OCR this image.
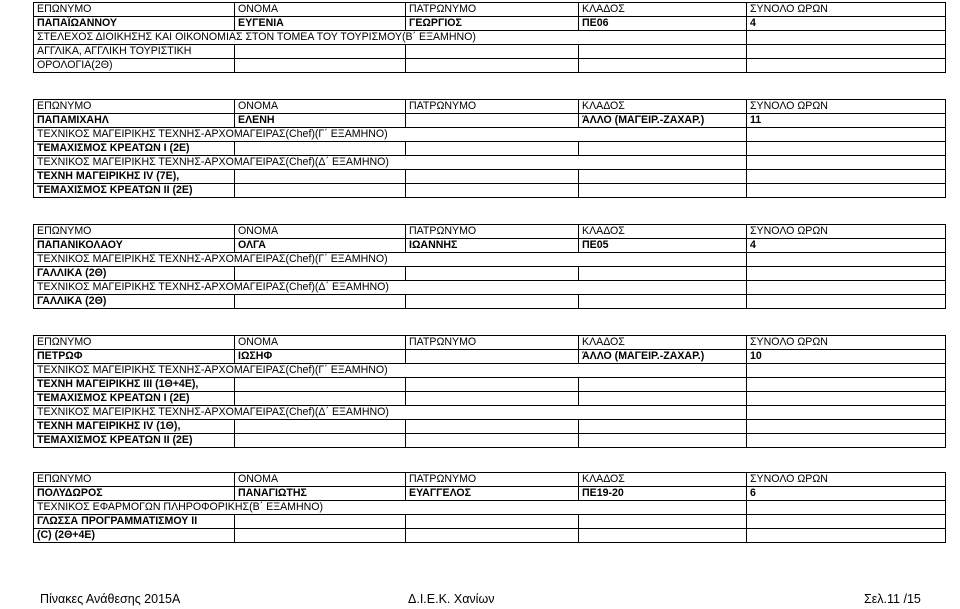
ΕΠΩΝΥΜΟ	ΟΝΟΜΑ	ΠΑΤΡΩΝΥΜΟ	ΚΛΑΔΟΣ	ΣΥΝΟΛΟ ΩΡΩΝ
ΠΑΠΑΪΩΑΝΝΟΥ	ΕΥΓΕΝΙΑ	ΓΕΩΡΓΙΟΣ	ΠΕ06	4
ΣΤΕΛΕΧΟΣ ΔΙΟΙΚΗΣΗΣ ΚΑΙ ΟΙΚΟΝΟΜΙΑΣ ΣΤΟΝ ΤΟΜΕΑ ΤΟΥ ΤΟΥΡΙΣΜΟΥ(Β΄ ΕΞΑΜΗΝΟ)				
ΑΓΓΛΙΚΑ, ΑΓΓΛΙΚΗ ΤΟΥΡΙΣΤΙΚΗ				
ΟΡΟΛΟΓΙΑ(2Θ)				
ΕΠΩΝΥΜΟ	ΟΝΟΜΑ	ΠΑΤΡΩΝΥΜΟ	ΚΛΑΔΟΣ	ΣΥΝΟΛΟ ΩΡΩΝ
ΠΑΠΑΜΙΧΑΗΛ	ΕΛΕΝΗ		ΆΛΛΟ (ΜΑΓΕΙΡ.-ΖΑΧΑΡ.)	11
ΤΕΧΝΙΚΟΣ ΜΑΓΕΙΡΙΚΗΣ ΤΕΧΝΗΣ-ΑΡΧΟΜΑΓΕΙΡΑΣ(Chef)(Γ΄ ΕΞΑΜΗΝΟ)				
ΤΕΜΑΧΙΣΜΟΣ ΚΡΕΑΤΩΝ Ι (2Ε)				
ΤΕΧΝΙΚΟΣ ΜΑΓΕΙΡΙΚΗΣ ΤΕΧΝΗΣ-ΑΡΧΟΜΑΓΕΙΡΑΣ(Chef)(Δ΄ ΕΞΑΜΗΝΟ)				
ΤΕΧΝΗ ΜΑΓΕΙΡΙΚΗΣ IV (7Ε),				
ΤΕΜΑΧΙΣΜΟΣ ΚΡΕΑΤΩΝ ΙΙ (2Ε)				
ΕΠΩΝΥΜΟ	ΟΝΟΜΑ	ΠΑΤΡΩΝΥΜΟ	ΚΛΑΔΟΣ	ΣΥΝΟΛΟ ΩΡΩΝ
ΠΑΠΑΝΙΚΟΛΑΟΥ	ΟΛΓΑ	ΙΩΑΝΝΗΣ	ΠΕ05	4
ΤΕΧΝΙΚΟΣ ΜΑΓΕΙΡΙΚΗΣ ΤΕΧΝΗΣ-ΑΡΧΟΜΑΓΕΙΡΑΣ(Chef)(Γ΄ ΕΞΑΜΗΝΟ)				
ΓΑΛΛΙΚΑ (2Θ)				
ΤΕΧΝΙΚΟΣ ΜΑΓΕΙΡΙΚΗΣ ΤΕΧΝΗΣ-ΑΡΧΟΜΑΓΕΙΡΑΣ(Chef)(Δ΄ ΕΞΑΜΗΝΟ)				
ΓΑΛΛΙΚΑ (2Θ)				
ΕΠΩΝΥΜΟ	ΟΝΟΜΑ	ΠΑΤΡΩΝΥΜΟ	ΚΛΑΔΟΣ	ΣΥΝΟΛΟ ΩΡΩΝ
ΠΕΤΡΩΦ	ΙΩΣΗΦ		ΆΛΛΟ (ΜΑΓΕΙΡ.-ΖΑΧΑΡ.)	10
ΤΕΧΝΙΚΟΣ ΜΑΓΕΙΡΙΚΗΣ ΤΕΧΝΗΣ-ΑΡΧΟΜΑΓΕΙΡΑΣ(Chef)(Γ΄ ΕΞΑΜΗΝΟ)				
ΤΕΧΝΗ ΜΑΓΕΙΡΙΚΗΣ ΙΙΙ (1Θ+4Ε),				
ΤΕΜΑΧΙΣΜΟΣ ΚΡΕΑΤΩΝ Ι (2Ε)				
ΤΕΧΝΙΚΟΣ ΜΑΓΕΙΡΙΚΗΣ ΤΕΧΝΗΣ-ΑΡΧΟΜΑΓΕΙΡΑΣ(Chef)(Δ΄ ΕΞΑΜΗΝΟ)				
ΤΕΧΝΗ ΜΑΓΕΙΡΙΚΗΣ IV (1Θ),				
ΤΕΜΑΧΙΣΜΟΣ ΚΡΕΑΤΩΝ ΙΙ (2Ε)				
ΕΠΩΝΥΜΟ	ΟΝΟΜΑ	ΠΑΤΡΩΝΥΜΟ	ΚΛΑΔΟΣ	ΣΥΝΟΛΟ ΩΡΩΝ
ΠΟΛΥΔΩΡΟΣ	ΠΑΝΑΓΙΩΤΗΣ	ΕΥΑΓΓΕΛΟΣ	ΠΕ19-20	6
ΤΕΧΝΙΚΟΣ ΕΦΑΡΜΟΓΩΝ ΠΛΗΡΟΦΟΡΙΚΗΣ(Β΄ ΕΞΑΜΗΝΟ)				
ΓΛΩΣΣΑ ΠΡΟΓΡΑΜΜΑΤΙΣΜΟΥ ΙΙ				
(C) (2Θ+4Ε)				
Πίνακες Ανάθεσης 2015Α	Δ.Ι.Ε.Κ. Χανίων	Σελ.11 /15
